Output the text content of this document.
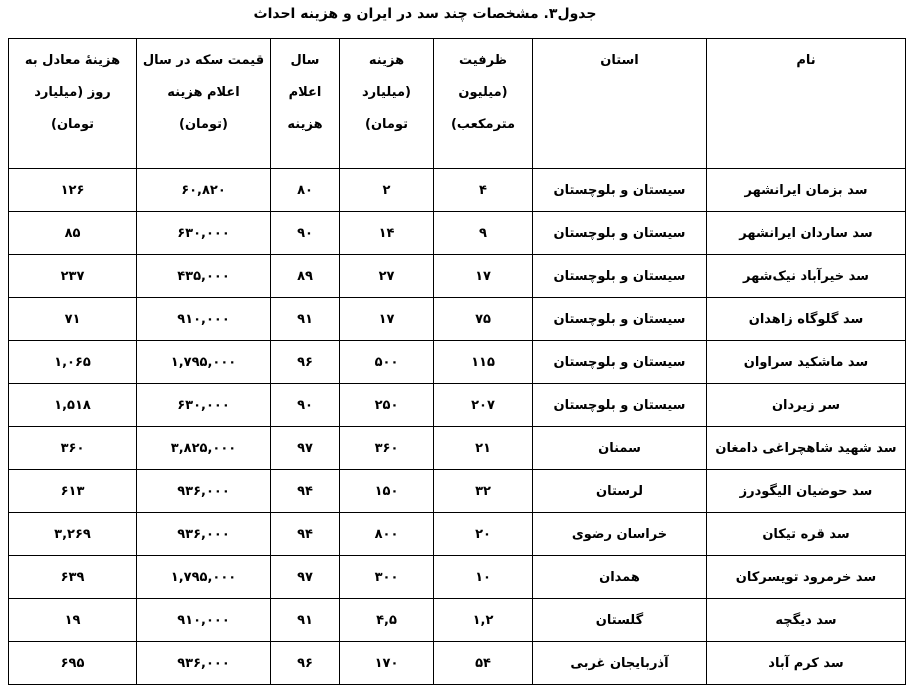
جدول۳. مشخصات چند سد در ایران و هزینه احداث
نام	استان	ظرفیت (میلیون مترمکعب)	هزینه (میلیارد تومان)	سال اعلام هزینه	قیمت سکه در سال اعلام هزینه (تومان)	هزینهٔ معادل به روز (میلیارد تومان)
سد بزمان ایرانشهر	سیستان و بلوچستان	۴	۲	۸۰	۶۰,۸۲۰	۱۲۶
سد ساردان ایرانشهر	سیستان و بلوچستان	۹	۱۴	۹۰	۶۳۰,۰۰۰	۸۵
سد خیرآباد نیک‌شهر	سیستان و بلوچستان	۱۷	۲۷	۸۹	۴۳۵,۰۰۰	۲۳۷
سد گلوگاه زاهدان	سیستان و بلوچستان	۷۵	۱۷	۹۱	۹۱۰,۰۰۰	۷۱
سد ماشکید سراوان	سیستان و بلوچستان	۱۱۵	۵۰۰	۹۶	۱,۷۹۵,۰۰۰	۱,۰۶۵
سر زیردان	سیستان و بلوچستان	۲۰۷	۲۵۰	۹۰	۶۳۰,۰۰۰	۱,۵۱۸
سد شهید شاهچراغی دامغان	سمنان	۲۱	۳۶۰	۹۷	۳,۸۲۵,۰۰۰	۳۶۰
سد حوضیان الیگودرز	لرستان	۳۲	۱۵۰	۹۴	۹۳۶,۰۰۰	۶۱۳
سد قره تیکان	خراسان رضوی	۲۰	۸۰۰	۹۴	۹۳۶,۰۰۰	۳,۲۶۹
سد خرمرود تویسرکان	همدان	۱۰	۳۰۰	۹۷	۱,۷۹۵,۰۰۰	۶۳۹
سد دیگچه	گلستان	۱,۲	۴,۵	۹۱	۹۱۰,۰۰۰	۱۹
سد کرم آباد	آذربایجان غربی	۵۴	۱۷۰	۹۶	۹۳۶,۰۰۰	۶۹۵
